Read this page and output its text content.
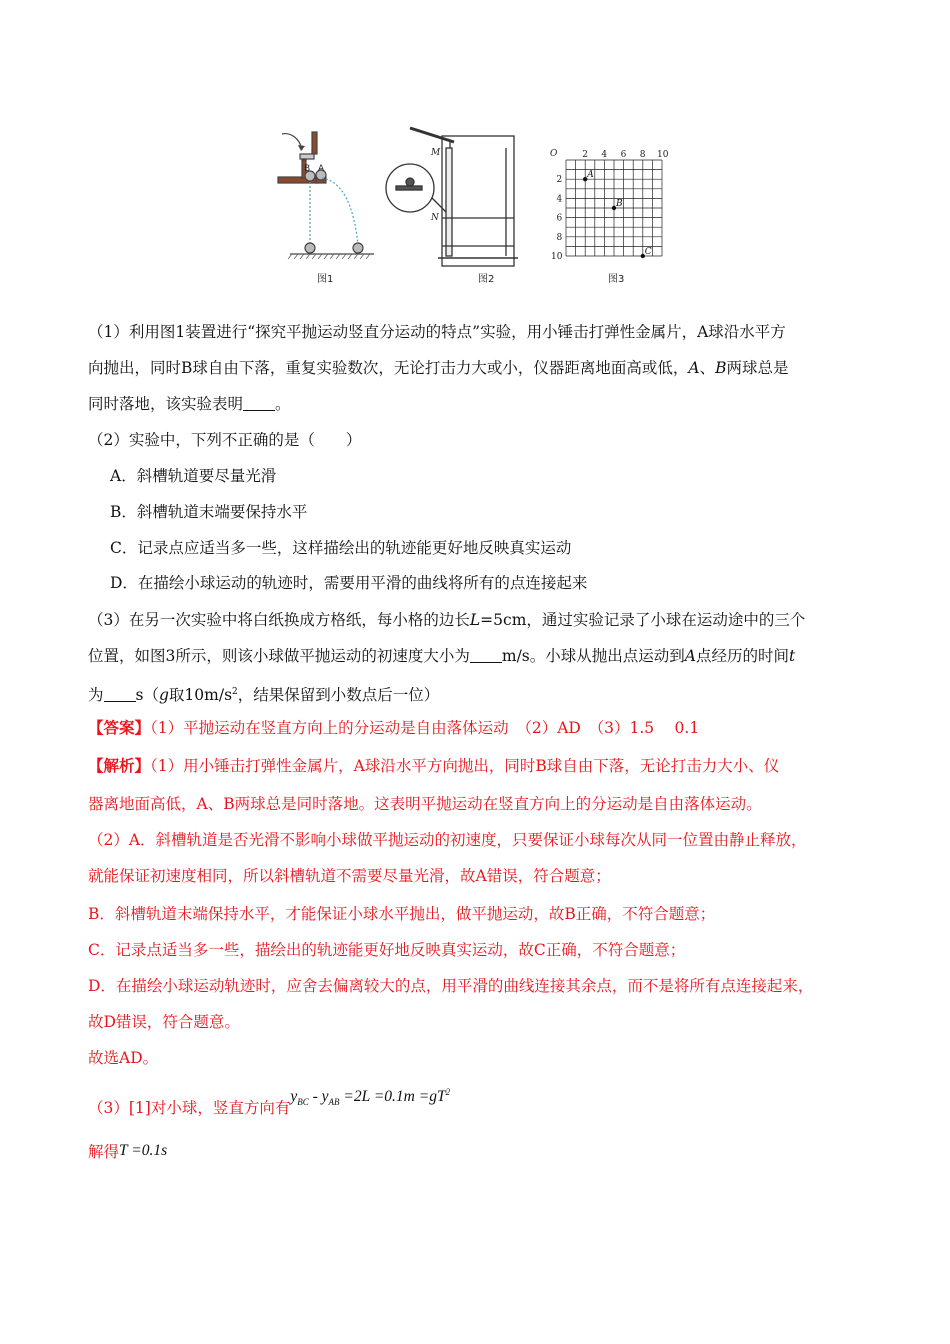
B A
M
N
O	2 4 6 8 10
2
4
6
8
10
A
B
C
图1	图2	图3
（1）利用图1装置进行“探究平抛运动竖直分运动的特点”实验，用小锤击打弹性金属片，A球沿水平方
向抛出，同时B球自由下落，重复实验数次，无论打击力大或小，仪器距离地面高或低，A、B两球总是
同时落地，该实验表明 。
（2）实验中，下列不正确的是（　　）
A．斜槽轨道要尽量光滑
B．斜槽轨道末端要保持水平
C．记录点应适当多一些，这样描绘出的轨迹能更好地反映真实运动
D．在描绘小球运动的轨迹时，需要用平滑的曲线将所有的点连接起来
（3）在另一次实验中将白纸换成方格纸，每小格的边长L=5cm，通过实验记录了小球在运动途中的三个
位置，如图3所示，则该小球做平抛运动的初速度大小为 m/s。小球从抛出点运动到A点经历的时间t
为 s（g取$10m/s^2$，结果保留到小数点后一位）
【答案】（1）平抛运动在竖直方向上的分运动是自由落体运动　（2）AD　（3）1.5　 0.1
【解析】（1）用小锤击打弹性金属片，A球沿水平方向抛出，同时B球自由下落，无论打击力大小、仪
器离地面高低，A、B两球总是同时落地。这表明平抛运动在竖直方向上的分运动是自由落体运动。
（2）A．斜槽轨道是否光滑不影响小球做平抛运动的初速度，只要保证小球每次从同一位置由静止释放，
就能保证初速度相同，所以斜槽轨道不需要尽量光滑，故A错误，符合题意；
B．斜槽轨道末端保持水平，才能保证小球水平抛出，做平抛运动，故B正确，不符合题意；
C．记录点适当多一些，描绘出的轨迹能更好地反映真实运动，故C正确，不符合题意；
D．在描绘小球运动轨迹时，应舍去偏离较大的点，用平滑的曲线连接其余点，而不是将所有点连接起来，
故D错误，符合题意。
故选AD。
（3）[1]对小球，竖直方向有$y_{BC} - y_{AB} =2L =0.1m =gT^2$
解得T =0.1s
